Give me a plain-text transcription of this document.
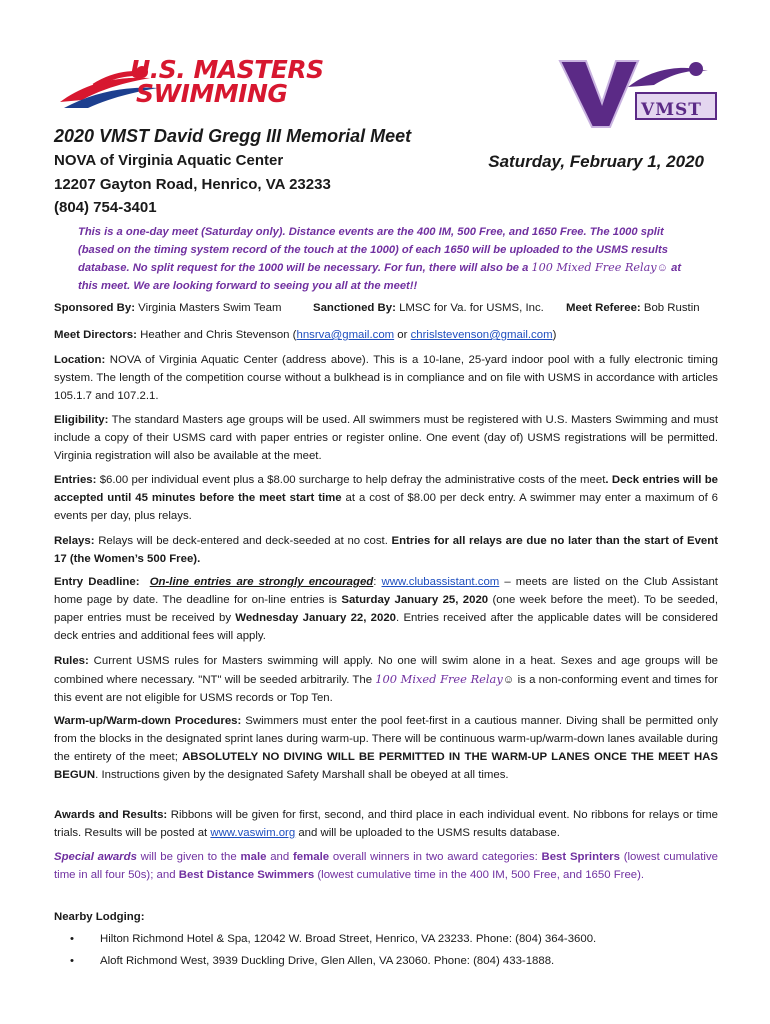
U.S. MASTERS
SWIMMING
VMST
2020 VMST David Gregg III Memorial Meet
NOVA of Virginia Aquatic Center
12207 Gayton Road, Henrico, VA 23233
(804) 754-3401
Saturday, February 1, 2020
This is a one-day meet (Saturday only). Distance events are the 400 IM, 500 Free, and 1650 Free. The 1000 split (based on the timing system record of the touch at the 1000) of each 1650 will be uploaded to the USMS results database. No split request for the 1000 will be necessary. For fun, there will also be a 100 Mixed Free Relay☺ at this meet. We are looking forward to seeing you all at the meet!!
Sponsored By: Virginia Masters Swim Team	Sanctioned By: LMSC for Va. for USMS, Inc. Meet Referee: Bob Rustin
Meet Directors: Heather and Chris Stevenson (hnsrva@gmail.com or chrislstevenson@gmail.com)
Location: NOVA of Virginia Aquatic Center (address above). This is a 10-lane, 25-yard indoor pool with a fully electronic timing system. The length of the competition course without a bulkhead is in compliance and on file with USMS in accordance with articles 105.1.7 and 107.2.1.
Eligibility: The standard Masters age groups will be used. All swimmers must be registered with U.S. Masters Swimming and must include a copy of their USMS card with paper entries or register online. One event (day of) USMS registrations will be permitted. Virginia registration will also be available at the meet.
Entries: $6.00 per individual event plus a $8.00 surcharge to help defray the administrative costs of the meet. Deck entries will be accepted until 45 minutes before the meet start time at a cost of $8.00 per deck entry. A swimmer may enter a maximum of 6 events per day, plus relays.
Relays: Relays will be deck-entered and deck-seeded at no cost. Entries for all relays are due no later than the start of Event 17 (the Women’s 500 Free).
Entry Deadline: On-line entries are strongly encouraged: www.clubassistant.com – meets are listed on the Club Assistant home page by date. The deadline for on-line entries is Saturday January 25, 2020 (one week before the meet). To be seeded, paper entries must be received by Wednesday January 22, 2020. Entries received after the applicable dates will be considered deck entries and additional fees will apply.
Rules: Current USMS rules for Masters swimming will apply. No one will swim alone in a heat. Sexes and age groups will be combined where necessary. "NT" will be seeded arbitrarily. The 100 Mixed Free Relay☺ is a non-conforming event and times for this event are not eligible for USMS records or Top Ten.
Warm-up/Warm-down Procedures: Swimmers must enter the pool feet-first in a cautious manner. Diving shall be permitted only from the blocks in the designated sprint lanes during warm-up. There will be continuous warm-up/warm-down lanes available during the entirety of the meet; ABSOLUTELY NO DIVING WILL BE PERMITTED IN THE WARM-UP LANES ONCE THE MEET HAS BEGUN. Instructions given by the designated Safety Marshall shall be obeyed at all times.
Awards and Results: Ribbons will be given for first, second, and third place in each individual event. No ribbons for relays or time trials. Results will be posted at www.vaswim.org and will be uploaded to the USMS results database.
Special awards will be given to the male and female overall winners in two award categories: Best Sprinters (lowest cumulative time in all four 50s); and Best Distance Swimmers (lowest cumulative time in the 400 IM, 500 Free, and 1650 Free).
Nearby Lodging:
•	Hilton Richmond Hotel & Spa, 12042 W. Broad Street, Henrico, VA 23233. Phone: (804) 364-3600.
•	Aloft Richmond West, 3939 Duckling Drive, Glen Allen, VA 23060. Phone: (804) 433-1888.
